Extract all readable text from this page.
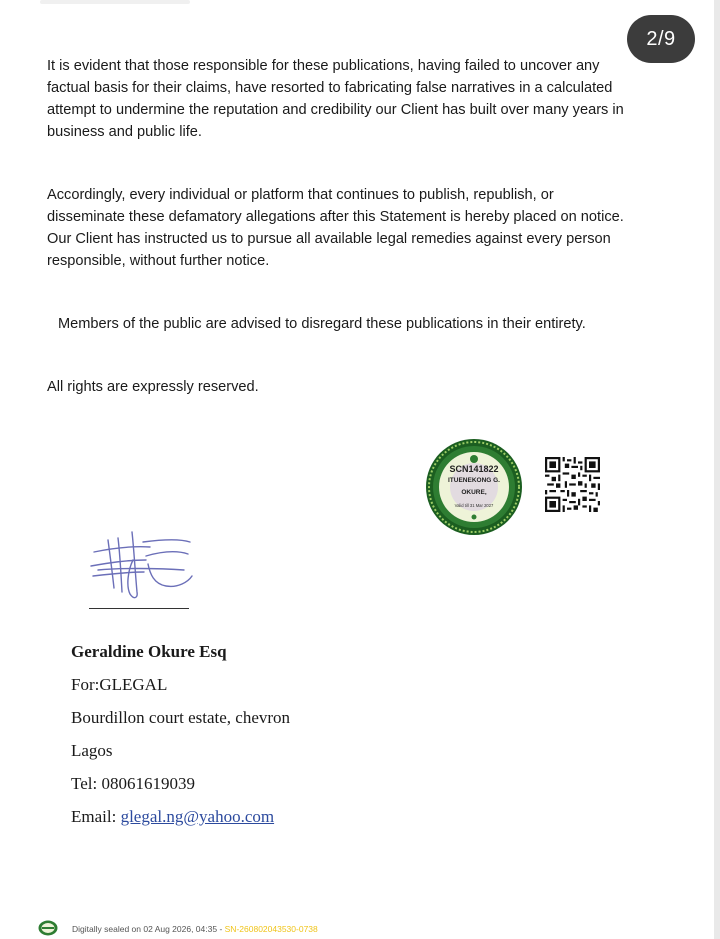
It is evident that those responsible for these publications, having failed to uncover any factual basis for their claims, have resorted to fabricating false narratives in a calculated attempt to undermine the reputation and credibility our Client has built over many years in business and public life.

Accordingly, every individual or platform that continues to publish, republish, or disseminate these defamatory allegations after this Statement is hereby placed on notice. Our Client has instructed us to pursue all available legal remedies against every person responsible, without further notice.

Members of the public are advised to disregard these publications in their entirety.

All rights are expressly reserved.

SCN141822
ITUENEKONG G.
OKURE,
Valid till 31 Mar 2027

Geraldine Okure Esq

For:GLEGAL

Bourdillon court estate, chevron

Lagos

Tel: 08061619039

Email: glegal.ng@yahoo.com

Digitally sealed on 02 Aug 2026, 04:35 - SN-260802043530-0738
2/9
